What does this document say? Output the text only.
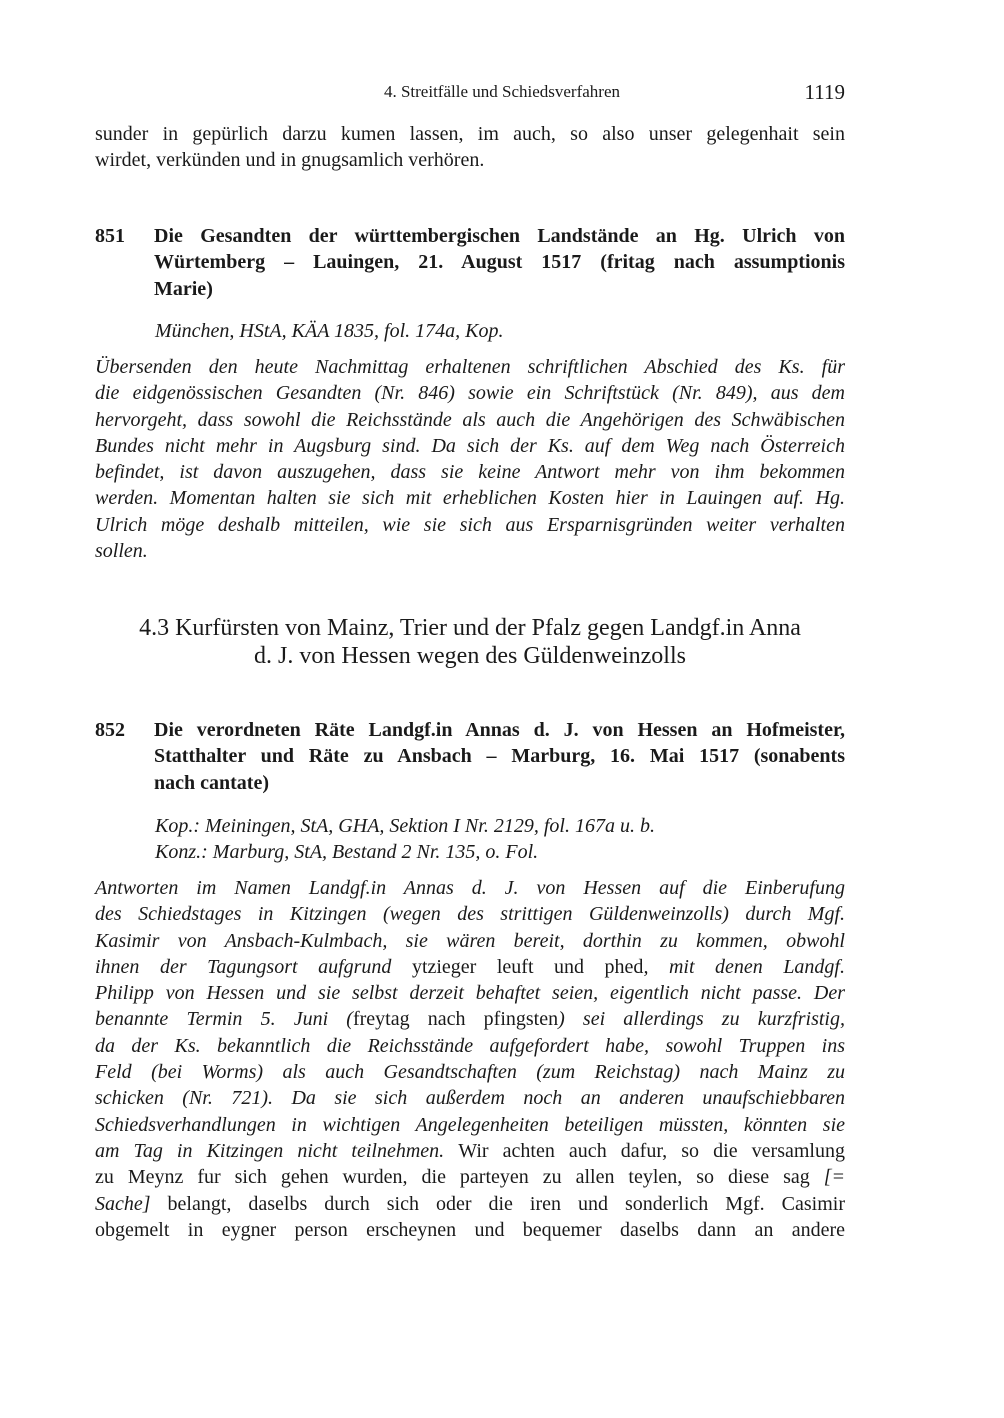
4. Streitfälle und Schiedsverfahren	1119
sunder in gepürlich darzu kumen lassen, im auch, so also unser gelegenhait sein
wirdet, verkünden und in gnugsamlich verhören.
851 Die Gesandten der württembergischen Landstände an Hg. Ulrich von
Würtemberg – Lauingen, 21. August 1517 (fritag nach assumptionis
Marie)
München, HStA, KÄA 1835, fol. 174a, Kop.
Übersenden den heute Nachmittag erhaltenen schriftlichen Abschied des Ks. für
die eidgenössischen Gesandten (Nr. 846) sowie ein Schriftstück (Nr. 849), aus dem
hervorgeht, dass sowohl die Reichsstände als auch die Angehörigen des Schwäbischen
Bundes nicht mehr in Augsburg sind. Da sich der Ks. auf dem Weg nach Österreich
befindet, ist davon auszugehen, dass sie keine Antwort mehr von ihm bekommen
werden. Momentan halten sie sich mit erheblichen Kosten hier in Lauingen auf. Hg.
Ulrich möge deshalb mitteilen, wie sie sich aus Ersparnisgründen weiter verhalten
sollen.
4.3 Kurfürsten von Mainz, Trier und der Pfalz gegen Landgf.in Anna
d. J. von Hessen wegen des Güldenweinzolls
852 Die verordneten Räte Landgf.in Annas d. J. von Hessen an Hofmeister,
Statthalter und Räte zu Ansbach – Marburg, 16. Mai 1517 (sonabents
nach cantate)
Kop.: Meiningen, StA, GHA, Sektion I Nr. 2129, fol. 167a u. b.
Konz.: Marburg, StA, Bestand 2 Nr. 135, o. Fol.
Antworten im Namen Landgf.in Annas d. J. von Hessen auf die Einberufung
des Schiedstages in Kitzingen (wegen des strittigen Güldenweinzolls) durch Mgf.
Kasimir von Ansbach-Kulmbach, sie wären bereit, dorthin zu kommen, obwohl
ihnen der Tagungsort aufgrund ytzieger leuft und phed, mit denen Landgf.
Philipp von Hessen und sie selbst derzeit behaftet seien, eigentlich nicht passe. Der
benannte Termin 5. Juni (freytag nach pfingsten) sei allerdings zu kurzfristig,
da der Ks. bekanntlich die Reichsstände aufgefordert habe, sowohl Truppen ins
Feld (bei Worms) als auch Gesandtschaften (zum Reichstag) nach Mainz zu
schicken (Nr. 721). Da sie sich außerdem noch an anderen unaufschiebbaren
Schiedsverhandlungen in wichtigen Angelegenheiten beteiligen müssten, könnten sie
am Tag in Kitzingen nicht teilnehmen. Wir achten auch dafur, so die versamlung
zu Meynz fur sich gehen wurden, die parteyen zu allen teylen, so diese sag [=
Sache] belangt, daselbs durch sich oder die iren und sonderlich Mgf. Casimir
obgemelt in eygner person erscheynen und bequemer daselbs dann an andere
